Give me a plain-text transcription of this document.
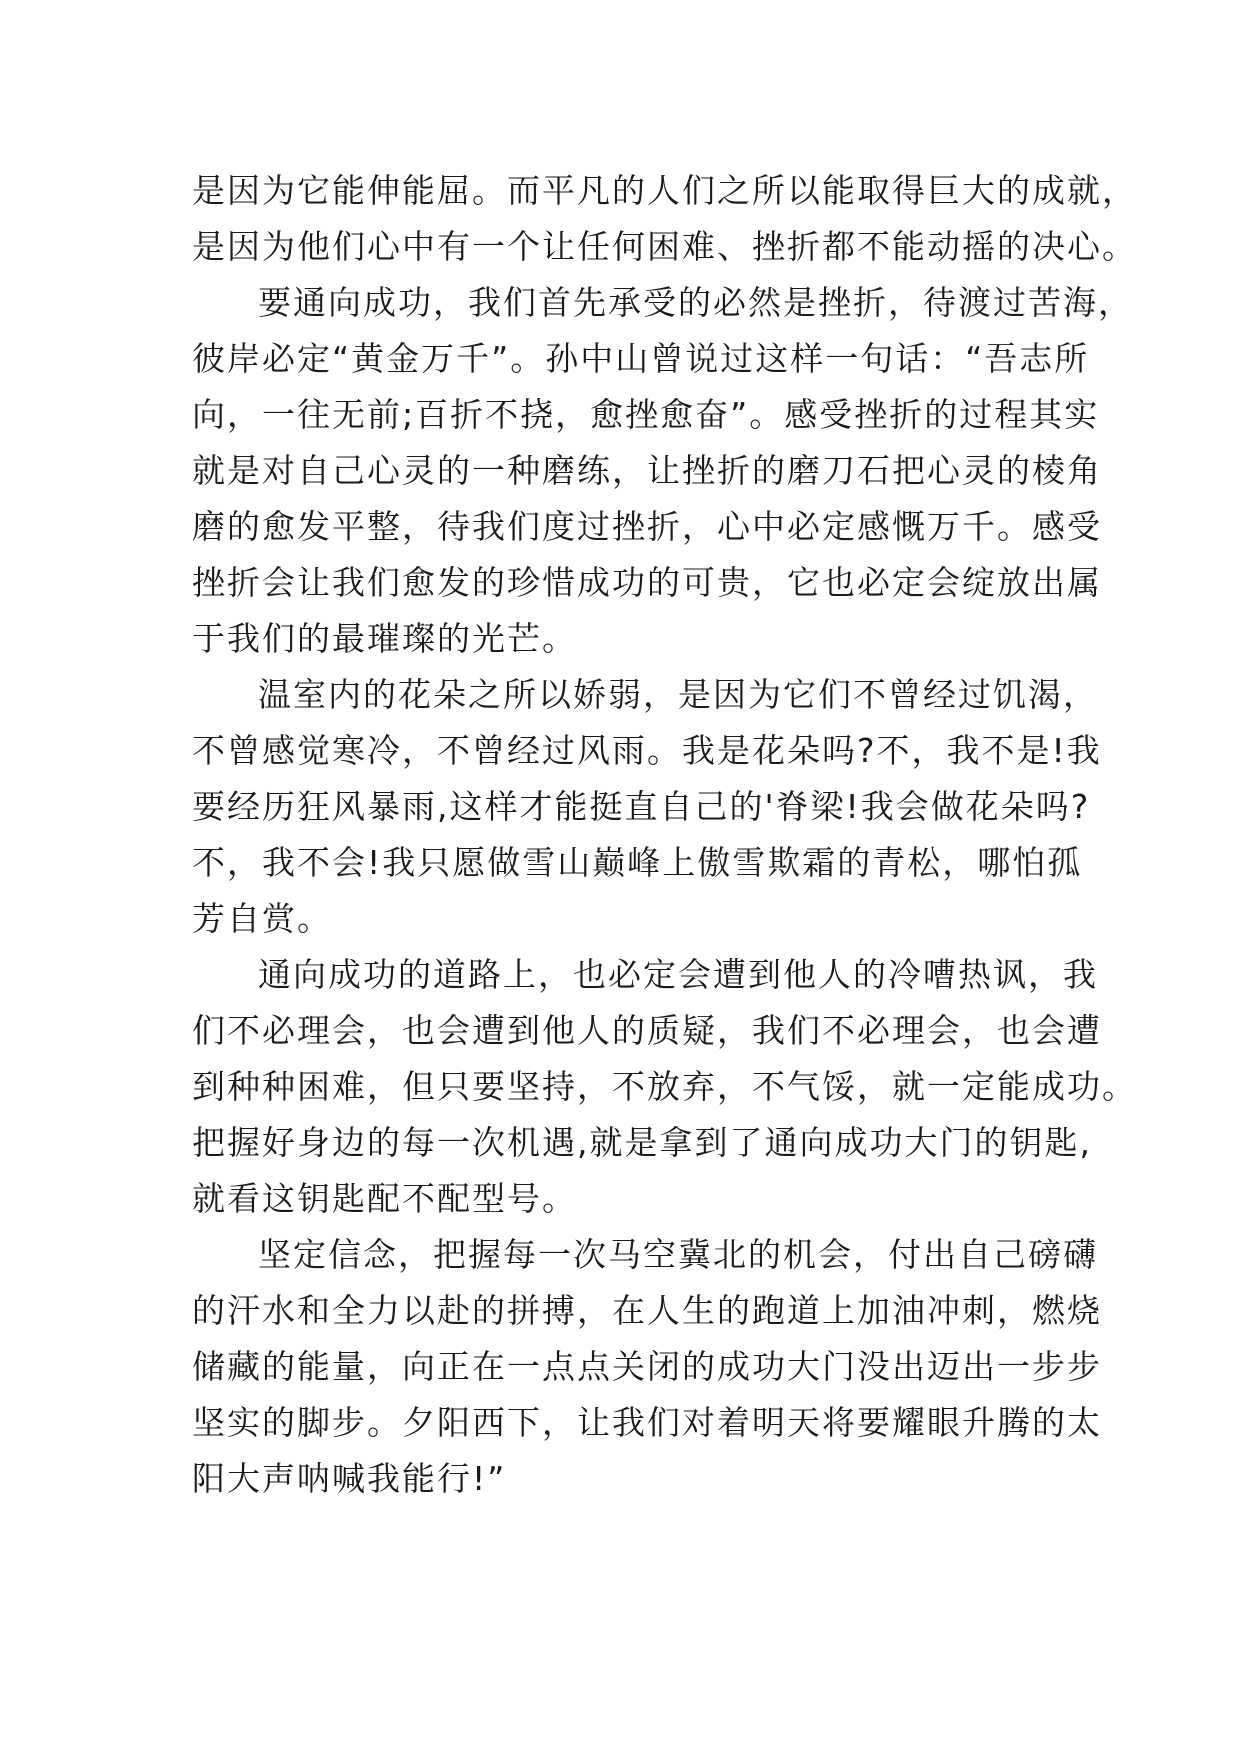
是因为它能伸能屈。而平凡的人们之所以能取得巨大的成就，
是因为他们心中有一个让任何困难、挫折都不能动摇的决心。
要通向成功，我们首先承受的必然是挫折，待渡过苦海，
彼岸必定“黄金万千”。孙中山曾说过这样一句话：“吾志所
向，一往无前;百折不挠，愈挫愈奋”。感受挫折的过程其实
就是对自己心灵的一种磨练，让挫折的磨刀石把心灵的棱角
磨的愈发平整，待我们度过挫折，心中必定感慨万千。感受
挫折会让我们愈发的珍惜成功的可贵，它也必定会绽放出属
于我们的最璀璨的光芒。
温室内的花朵之所以娇弱，是因为它们不曾经过饥渴，
不曾感觉寒冷，不曾经过风雨。我是花朵吗?不，我不是!我
要经历狂风暴雨,这样才能挺直自己的'脊梁!我会做花朵吗?
不，我不会!我只愿做雪山巅峰上傲雪欺霜的青松，哪怕孤
芳自赏。
通向成功的道路上，也必定会遭到他人的冷嘈热讽，我
们不必理会，也会遭到他人的质疑，我们不必理会，也会遭
到种种困难，但只要坚持，不放弃，不气馁，就一定能成功。
把握好身边的每一次机遇,就是拿到了通向成功大门的钥匙,
就看这钥匙配不配型号。
坚定信念，把握每一次马空冀北的机会，付出自己磅礴
的汗水和全力以赴的拼搏，在人生的跑道上加油冲刺，燃烧
储藏的能量，向正在一点点关闭的成功大门没出迈出一步步
坚实的脚步。夕阳西下，让我们对着明天将要耀眼升腾的太
阳大声呐喊我能行!”
